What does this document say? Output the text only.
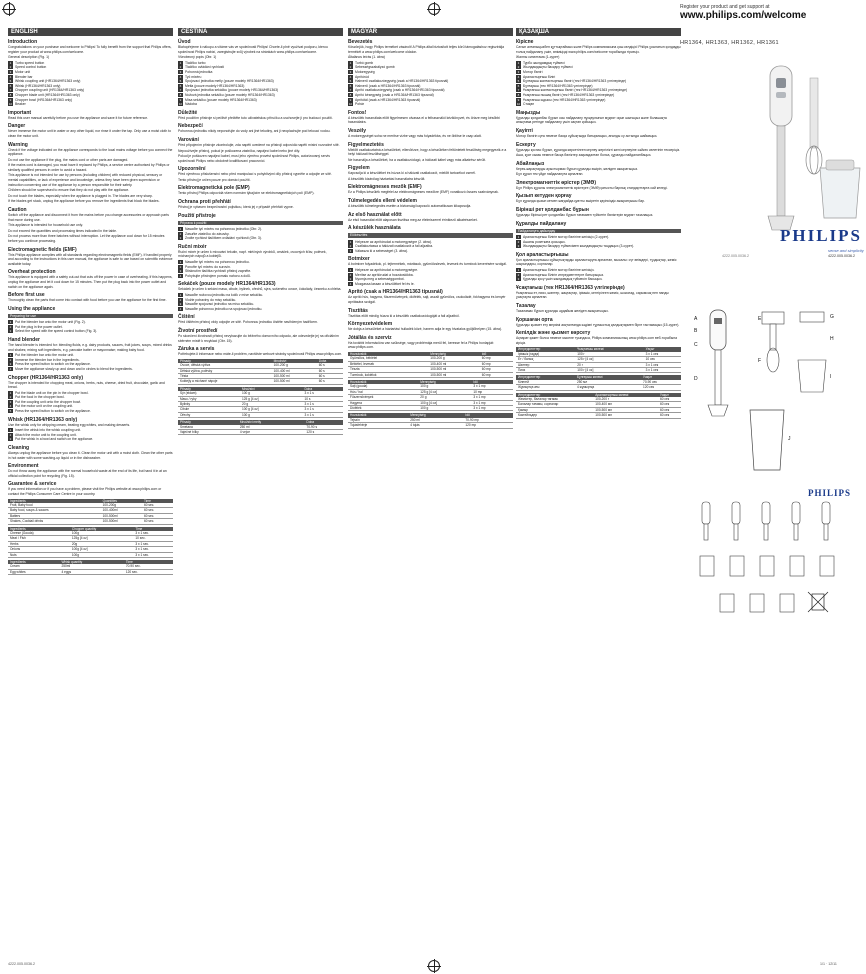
ENGLISH
Introduction
Congratulations on your purchase and welcome to Philips! To fully benefit from the support that Philips offers, register your product at www.philips.com/welcome.
General description (Fig. 1)
1 Turbo speed button
2 Speed control button
3 Motor unit
4 Blender bar
5 Whisk coupling unit (HR1364/HR1363 only)
6 Whisk (HR1364/HR1363 only)
7 Chopper coupling unit (HR1364/HR1363 only)
8 Chopper blade unit (HR1364/HR1363 only)
9 Chopper bowl (HR1364/HR1363 only)
10 Beaker
Important
Read this user manual carefully before you use the appliance and save it for future reference.
Danger
Never immerse the motor unit in water or any other liquid, nor rinse it under the tap. Only use a moist cloth to clean the motor unit.
Warning
Check if the voltage indicated on the appliance corresponds to the local mains voltage before you connect the appliance.
Do not use the appliance if the plug, the mains cord or other parts are damaged.
If the mains cord is damaged, you must have it replaced by Philips, a service centre authorised by Philips or similarly qualified persons in order to avoid a hazard.
This appliance is not intended for use by persons (including children) with reduced physical, sensory or mental capabilities, or lack of experience and knowledge, unless they have been given supervision or instruction concerning use of the appliance by a person responsible for their safety.
Children should be supervised to ensure that they do not play with the appliance.
Do not touch the blades, especially when the appliance is plugged in. The blades are very sharp.
If the blades get stuck, unplug the appliance before you remove the ingredients that block the blades.
Caution
Switch off the appliance and disconnect it from the mains before you change accessories or approach parts that move during use.
This appliance is intended for household use only.
Do not exceed the quantities and processing times indicated in the table.
Do not process more than three batches without interruption. Let the appliance cool down for 15 minutes before you continue processing.
Electromagnetic fields (EMF)
This Philips appliance complies with all standards regarding electromagnetic fields (EMF). If handled properly and according to the instructions in this user manual, the appliance is safe to use based on scientific evidence available today.
Overheat protection
This appliance is equipped with a safety cut-out that cuts off the power in case of overheating. If this happens, unplug the appliance and let it cool down for 15 minutes. Then put the plug back into the power outlet and switch on the appliance again.
Before first use
Thoroughly clean the parts that come into contact with food before you use the appliance for the first time.
Using the appliance
Preparing for use
1 Put the blender bar onto the motor unit (Fig. 2).
2 Put the plug in the power outlet.
3 Select the speed with the speed control button (Fig. 3).
Hand blender
The hand blender is intended for: blending fluids, e.g. dairy products, sauces, fruit juices, soups, mixed drinks and shakes; mixing soft ingredients, e.g. pancake batter or mayonnaise; making baby food.
1 Put the blender bar onto the motor unit.
2 Immerse the blender bar in the ingredients.
3 Press the speed button to switch on the appliance.
4 Move the appliance slowly up and down and in circles to blend the ingredients.
Chopper (HR1364/HR1363 only)
The chopper is intended for chopping meat, onions, herbs, nuts, cheese, dried fruit, chocolate, garlic and bread.
1 Put the blade unit on the pin in the chopper bowl.
2 Put the food in the chopper bowl.
3 Put the coupling unit onto the chopper bowl.
4 Put the motor unit on the coupling unit.
5 Press the speed button to switch on the appliance.
Whisk (HR1364/HR1363 only)
Use the whisk only for whipping cream, beating egg whites, and making desserts.
1 Insert the whisk into the whisk coupling unit.
2 Attach the motor unit to the coupling unit.
3 Put the whisk in a bowl and switch on the appliance.
Cleaning
Always unplug the appliance before you clean it. Clean the motor unit with a moist cloth. Clean the other parts in hot water with some washing-up liquid or in the dishwasher.
Environment
Do not throw away the appliance with the normal household waste at the end of its life, but hand it in at an official collection point for recycling (Fig. 15).
Guarantee & service
If you need information or if you have a problem, please visit the Philips website at www.philips.com or contact the Philips Consumer Care Centre in your country.
Ingredients	Quantities	Time
Fruit, Baby food	100-200g	60 sec.
Baby food, soups & sauces	100-400ml	60 sec.
Batters	100-500ml	60 sec.
Shakes, Cocktail drinks	100-500ml	60 sec.
Ingredients	Chopper quantity	Time
Cheese (Gouda)	100g	3 x 1 sec.
Meat / Fish	125g [4 oz]	10 sec.
Herbs	20g	3 x 1 sec.
Onions	100g [4 oz]	3 x 1 sec.
Nuts	100g	3 x 1 sec.
Ingredients	Whisk quantity	Time
Cream	250ml	70-90 sec.
Egg whites	4 eggs	120 sec.
ČEŠTINA
Úvod
Blahopřejeme k nákupu a vítáme vás ve společnosti Philips! Chcete-li plně využívat podporu, kterou společnost Philips nabízí, zaregistrujte svůj výrobek na stránkách www.philips.com/welcome.
Všeobecný popis (Obr. 1)
1 Tlačítko turbo
2 Tlačítko ovládání rychlosti
3 Pohonná jednotka
4 Tyč mixéru
5 Spojovací jednotka metly (pouze modely HR1364/HR1363)
6 Metla (pouze modely HR1364/HR1363)
7 Spojovací jednotka sekáčku (pouze modely HR1364/HR1363)
8 Nožová jednotka sekáčku (pouze modely HR1364/HR1363)
9 Mísa sekáčku (pouze modely HR1364/HR1363)
10 Nádoba
Důležité
Před použitím přístroje si pečlivě přečtěte tuto uživatelskou příručku a uschovejte ji pro budoucí použití.
Nebezpečí
Pohonnou jednotku nikdy neponořujte do vody ani jiné tekutiny, ani ji neoplachujte pod tekoucí vodou.
Varování
Před připojením přístroje zkontrolujte, zda napětí uvedené na přístroji odpovídá napětí místní rozvodné sítě.
Nepoužívejte přístroj, pokud je poškozena zástrčka, napájecí kabel nebo jiné díly.
Pokud je poškozen napájecí kabel, musí jeho výměnu provést společnost Philips, autorizovaný servis společnosti Philips nebo obdobně kvalifikovaní pracovníci.
Upozornění
Před výměnou příslušenství nebo před manipulací s pohyblivými díly přístroj vypněte a odpojte ze sítě.
Tento přístroj je určen pouze pro domácí použití.
Elektromagnetická pole (EMP)
Tento přístroj Philips odpovídá všem normám týkajícím se elektromagnetických polí (EMP).
Ochrana proti přehřátí
Přístroj je vybaven bezpečnostní pojistkou, která jej v případě přehřátí vypne.
Použití přístroje
Příprava k použití
1 Nasaďte tyč mixéru na pohonnou jednotku (Obr. 2).
2 Zasuňte zástrčku do zásuvky.
3 Zvolte rychlost tlačítkem ovládání rychlosti (Obr. 3).
Ruční mixér
Ruční mixér je určen k mixování tekutin, např. mléčných výrobků, omáček, ovocných šťáv, polévek, míchaných nápojů a koktejlů.
1 Nasaďte tyč mixéru na pohonnou jednotku.
2 Ponořte tyč mixéru do surovin.
3 Stisknutím tlačítka rychlosti přístroj zapněte.
4 Pohybujte přístrojem pomalu nahoru a dolů.
Sekáček (pouze modely HR1364/HR1363)
Sekáček je určen k sekání masa, cibule, bylinek, ořechů, sýra, sušeného ovoce, čokolády, česneku a chleba.
1 Nasaďte nožovou jednotku na kolík v míse sekáčku.
2 Vložte potraviny do mísy sekáčku.
3 Nasaďte spojovací jednotku na mísu sekáčku.
4 Nasaďte pohonnou jednotku na spojovací jednotku.
Čištění
Před čištěním přístroj vždy odpojte ze sítě. Pohonnou jednotku čistěte navlhčeným hadříkem.
Životní prostředí
Po skončení životnosti přístroj nevyhazujte do běžného domovního odpadu, ale odevzdejte jej na oficiálním sběrném místě k recyklaci (Obr. 15).
Záruka a servis
Potřebujete-li informace nebo máte-li problém, navštivte webové stránky společnosti Philips www.philips.com.
Přísady	Množství	Doba
Ovoce, dětská výživa	100-200 g	60 s
Dětská výživa, polévky	100-400 ml	60 s
Těsta	100-500 ml	60 s
Koktejly a míchané nápoje	100-500 ml	60 s
Přísady	Množství	Doba
Sýr (eidam)	100 g	3 x 1 s
Maso / ryby	125 g [4 oz]	10 s
Bylinky	20 g	3 x 1 s
Cibule	100 g [4 oz]	3 x 1 s
Ořechy	100 g	3 x 1 s
Přísady	Množství metly	Doba
Smetana	250 ml	70-90 s
Vaječné bílky	4 vejce	120 s
MAGYAR
Bevezetés
Köszönjük, hogy Philips terméket vásárolt! A Philips által biztosított teljes körű támogatáshoz regisztrálja termékét a www.philips.com/welcome oldalon.
Általános leírás (1. ábra)
1 Turbó gomb
2 Sebességszabályzó gomb
3 Motoregység
4 Aprítórúd
5 Habverő csatlakozóegység (csak a HR1364/HR1363 típusnál)
6 Habverő (csak a HR1364/HR1363 típusnál)
7 Aprító csatlakozóegység (csak a HR1364/HR1363 típusnál)
8 Aprító késegység (csak a HR1364/HR1363 típusnál)
9 Aprítótál (csak a HR1364/HR1363 típusnál)
10 Pohár
Fontos!
A készülék használata előtt figyelmesen olvassa el a felhasználói kézikönyvet, és őrizze meg későbbi használatra.
Veszély
A motoregységet soha ne merítse vízbe vagy más folyadékba, és ne öblítse le csap alatt.
Figyelmeztetés
Mielőtt csatlakoztatná a készüléket, ellenőrizze, hogy a készüléken feltüntetett feszültség megegyezik-e a helyi hálózati feszültséggel.
Ne használja a készüléket, ha a csatlakozódugó, a hálózati kábel vagy más alkatrész sérült.
Figyelem
Kapcsolja ki a készüléket és húzza ki a hálózati csatlakozót, mielőtt tartozékot cserél.
A készülék kizárólag háztartási használatra készült.
Elektromágneses mezők (EMF)
Ez a Philips készülék megfelel az elektromágneses mezőkre (EMF) vonatkozó összes szabványnak.
Túlmelegedés elleni védelem
A készülék túlmelegedés esetén a biztonsági kapcsoló automatikusan kikapcsolja.
Az első használat előtt
Az első használat előtt alaposan tisztítsa meg az élelmiszerrel érintkező alkatrészeket.
A készülék használata
Előkészítés
1 Helyezze az aprítórudat a motoregységre (2. ábra).
2 Csatlakoztassa a hálózati csatlakozót a fali aljzatba.
3 Válassza ki a sebességet (3. ábra).
Botmixer
A botmixer folyadékok, pl. tejtermékek, mártások, gyümölcslevek, levesek és turmixok keverésére szolgál.
1 Helyezze az aprítórudat a motoregységre.
2 Merítse az aprítórudat a hozzávalókba.
3 Nyomja meg a sebességgombot.
4 Mozgassa lassan a készüléket fel és le.
Aprító (csak a HR1364/HR1363 típusnál)
Az aprító hús, hagyma, fűszernövények, diófélék, sajt, aszalt gyümölcs, csokoládé, fokhagyma és kenyér aprítására szolgál.
Tisztítás
Tisztítás előtt mindig húzza ki a készülék csatlakozódugóját a fali aljzatból.
Környezetvédelem
Ne dobja a készüléket a háztartási hulladék közé, hanem adja le egy hivatalos gyűjtőhelyen (15. ábra).
Jótállás és szerviz
Ha további információra van szüksége, vagy problémája merül fel, keresse fel a Philips honlapját: www.philips.com.
Hozzávalók	Mennyiség	Idő
Gyümölcs, bébiétel	100-200 g	60 mp
Bébiétel, levesek	100-400 ml	60 mp
Tészta	100-500 ml	60 mp
Turmixok, koktélok	100-500 ml	60 mp
Hozzávalók	Mennyiség	Idő
Sajt (gouda)	100 g	3 x 1 mp
Hús / hal	125 g [4 oz]	10 mp
Fűszernövények	20 g	3 x 1 mp
Hagyma	100 g [4 oz]	3 x 1 mp
Diófélék	100 g	3 x 1 mp
Hozzávalók	Mennyiség	Idő
Tejszín	250 ml	70-90 mp
Tojásfehérje	4 tojás	120 mp
ҚАЗАҚША
Кіріспе
Сатып алғаныңызбен құттықтаймыз және Philips компаниясына қош келдіңіз! Philips ұсынатын қолдауды толық пайдалану үшін, өніміңізді www.philips.com/welcome торабында тіркеңіз.
Жалпы сипаттама (1-сурет)
1 Турбо жылдамдық түймесі
2 Жылдамдықты басқару түймесі
3 Мотор бөлігі
4 Араластырғыш білігі
5 Бұлғауыш жалғастырғыш бөлігі (тек HR1364/HR1363 үлгілерінде)
6 Бұлғауыш (тек HR1364/HR1363 үлгілерінде)
7 Ұсақтағыш жалғастырғыш бөлігі (тек HR1364/HR1363 үлгілерінде)
8 Ұсақтағыш пышақ бөлігі (тек HR1364/HR1363 үлгілерінде)
9 Ұсақтағыш ыдысы (тек HR1364/HR1363 үлгілерінде)
10 Стақан
Маңызды
Құралды қолданбас бұрын осы пайдалану нұсқаулығын мұқият оқып шығыңыз және болашақта анықтама ретінде пайдалану үшін сақтап қойыңыз.
Қауіпті
Мотор бөлігін суға немесе басқа сұйықтыққа батырмаңыз, ағынды су астында шаймаңыз.
Ескерту
Құралды қоспас бұрын, құралда көрсетілген кернеу жергілікті желі кернеуіне сәйкес келетінін тексеріңіз.
Аша, қуат сымы немесе басқа бөліктер зақымдалған болса, құралды пайдаланбаңыз.
Абайлаңыз
Керек-жарақтарды ауыстырмас бұрын құралды өшіріп, желіден ажыратыңыз.
Бұл құрал тек үйде пайдалануға арналған.
Электромагниттік өрістер (ЭМӨ)
Бұл Philips құралы электромагниттік өрістерге (ЭМӨ) қатысты барлық стандарттарға сай келеді.
Қызып кетуден қорғау
Бұл құралда қызып кеткен жағдайда қуатты өшіретін қауіпсіздік ажыратқышы бар.
Бірінші рет қолданбас бұрын
Құралды бірінші рет қолданбас бұрын тағаммен түйісетін бөліктерін мұқият тазалаңыз.
Құралды пайдалану
Пайдалануға дайындау
1 Араластырғыш білігін мотор бөлігіне кигізіңіз (2-сурет).
2 Ашаны розеткаға қосыңыз.
3 Жылдамдықты басқару түймесімен жылдамдықты таңдаңыз (3-сурет).
Қол араластырғышы
Қол араластырғышы сұйықтықтарды араластыруға арналған, мысалы: сүт өнімдері, тұздықтар, жеміс шырындары, сорпалар.
1 Араластырғыш білігін мотор бөлігіне кигізіңіз.
2 Араластырғыш білігін ингредиенттерге батырыңыз.
3 Құралды қосу үшін жылдамдық түймесін басыңыз.
Ұсақтағыш (тек HR1364/HR1363 үлгілерінде)
Ұсақтағыш ет, пияз, шөптер, жаңғақтар, ірімшік, кептірілген жеміс, шоколад, сарымсақ пен нанды ұсақтауға арналған.
Тазалау
Тазаламас бұрын құралды әрдайым желіден ажыратыңыз.
Қоршаған орта
Құралды қызмет ету мерзімі аяқталғанда кәдімгі тұрмыстық қалдықтармен бірге тастамаңыз (15-сурет).
Кепілдік және қызмет көрсету
Ақпарат қажет болса немесе мәселе туындаса, Philips компаниясының www.philips.com веб-торабына кіріңіз.
Ингредиенттер	Ұсақтағыш көлемі	Уақыт
Ірімшік (гауда)	100 г	3 x 1 сек
Ет / балық	125 г [4 oz]	10 сек
Шөптер	20 г	3 x 1 сек
Пияз	100 г [4 oz]	3 x 1 сек
Ингредиенттер	Бұлғауыш көлемі	Уақыт
Кілегей	250 мл	70-90 сек
Жұмыртқа ағы	4 жұмыртқа	120 сек
Ингредиенттер	Араластырғыш көлемі	Уақыт
Жемістер, балалар тағамы	100-200 г	60 сек
Балалар тағамы, сорпалар	100-400 мл	60 сек
Қамыр	100-500 мл	60 сек
Коктейльдер	100-500 мл	60 сек
Register your product and get support at
www.philips.com/welcome
HR1364, HR1363, HR1362, HR1361
PHILIPS
sense and simplicity
4222.005.0036.2
4222.005.0036.2
A
B
C
D
E
F
G
H
I
J
PHILIPS
4222.005.0036.2	1/1 · 12/11
